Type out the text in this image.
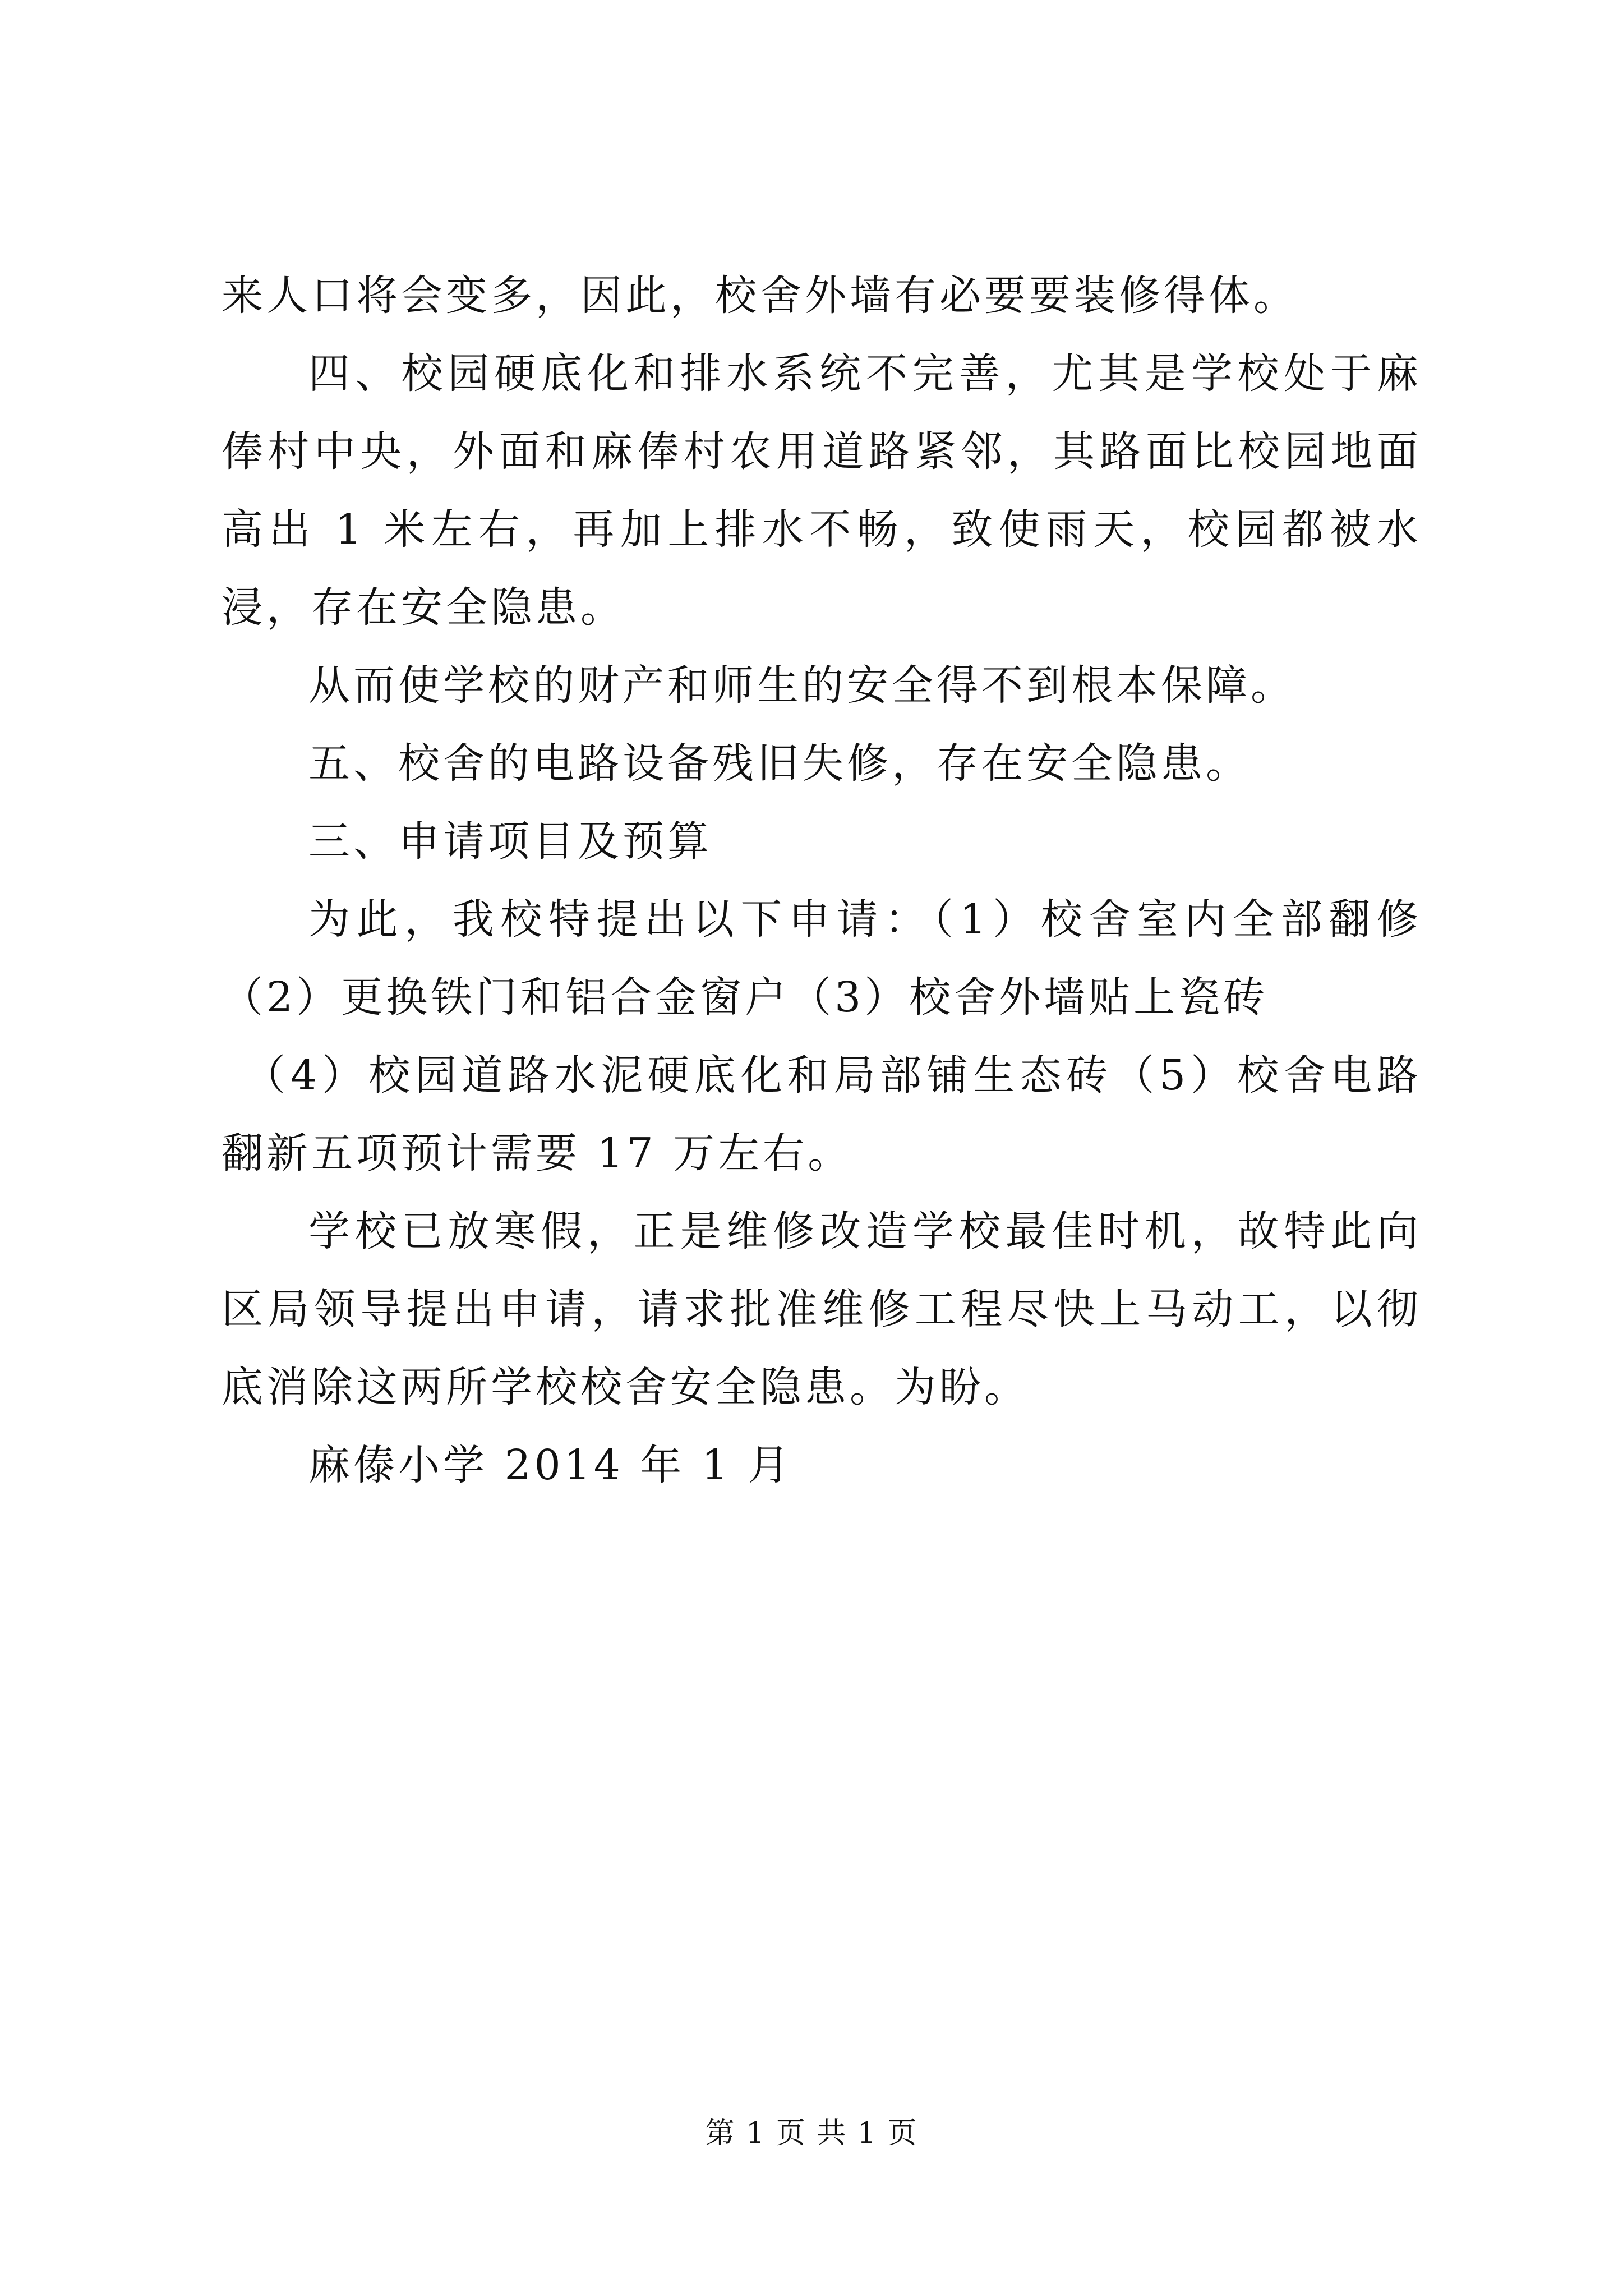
来人口将会变多，因此，校舍外墙有必要要装修得体。

四、校园硬底化和排水系统不完善，尤其是学校处于麻俸村中央，外面和麻俸村农用道路紧邻，其路面比校园地面高出 1 米左右，再加上排水不畅，致使雨天，校园都被水浸，存在安全隐患。

从而使学校的财产和师生的安全得不到根本保障。

五、校舍的电路设备残旧失修，存在安全隐患。

三、申请项目及预算

为此，我校特提出以下申请：（1）校舍室内全部翻修（2）更换铁门和铝合金窗户（3）校舍外墙贴上瓷砖

（4）校园道路水泥硬底化和局部铺生态砖（5）校舍电路翻新五项预计需要 17 万左右。

学校已放寒假，正是维修改造学校最佳时机，故特此向区局领导提出申请，请求批准维修工程尽快上马动工，以彻底消除这两所学校校舍安全隐患。为盼。

麻傣小学 2014 年 1 月

第 1 页 共 1 页
